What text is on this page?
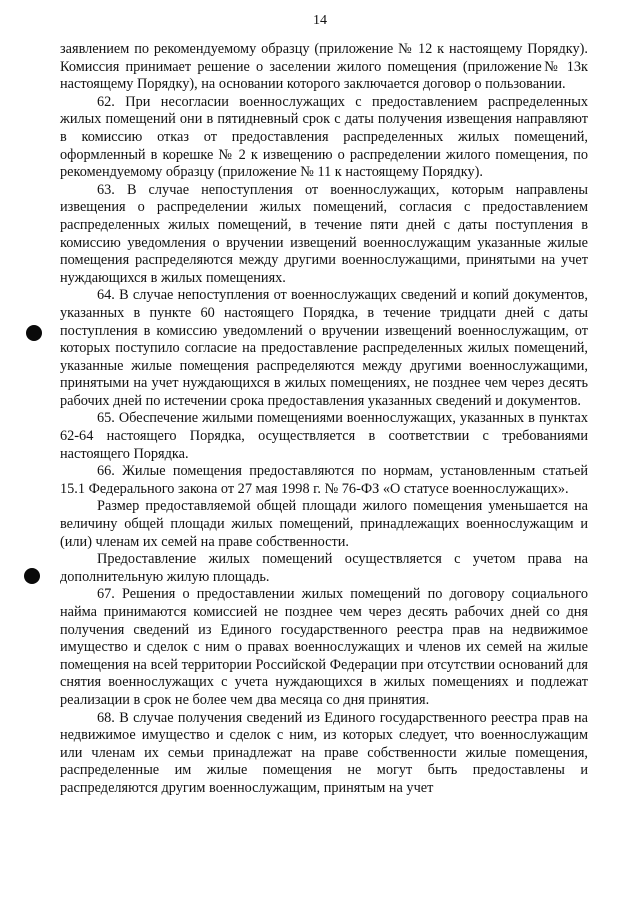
14

заявлением по рекомендуемому образцу (приложение № 12 к настоящему Порядку). Комиссия принимает решение о заселении жилого помещения (приложение№ 13к настоящему Порядку), на основании которого заключается договор о пользовании.

62. При несогласии военнослужащих с предоставлением распределенных жилых помещений они в пятидневный срок с даты получения извещения направляют в комиссию отказ от предоставления распределенных жилых помещений, оформленный в корешке № 2 к извещению о распределении жилого помещения, по рекомендуемому образцу (приложение № 11 к настоящему Порядку).

63. В случае непоступления от военнослужащих, которым направлены извещения о распределении жилых помещений, согласия с предоставлением распределенных жилых помещений, в течение пяти дней с даты поступления в комиссию уведомления о вручении извещений военнослужащим указанные жилые помещения распределяются между другими военнослужащими, принятыми на учет нуждающихся в жилых помещениях.

64. В случае непоступления от военнослужащих сведений и копий документов, указанных в пункте 60 настоящего Порядка, в течение тридцати дней с даты поступления в комиссию уведомлений о вручении извещений военнослужащим, от которых поступило согласие на предоставление распределенных жилых помещений, указанные жилые помещения распределяются между другими военнослужащими, принятыми на учет нуждающихся в жилых помещениях, не позднее чем через десять рабочих дней по истечении срока предоставления указанных сведений и документов.

65. Обеспечение жилыми помещениями военнослужащих, указанных в пунктах 62-64 настоящего Порядка, осуществляется в соответствии с требованиями настоящего Порядка.

66. Жилые помещения предоставляются по нормам, установленным статьей 15.1 Федерального закона от 27 мая 1998 г. № 76-ФЗ «О статусе военнослужащих».

Размер предоставляемой общей площади жилого помещения уменьшается на величину общей площади жилых помещений, принадлежащих военнослужащим и (или) членам их семей на праве собственности.

Предоставление жилых помещений осуществляется с учетом права на дополнительную жилую площадь.

67. Решения о предоставлении жилых помещений по договору социального найма принимаются комиссией не позднее чем через десять рабочих дней со дня получения сведений из Единого государственного реестра прав на недвижимое имущество и сделок с ним о правах военнослужащих и членов их семей на жилые помещения на всей территории Российской Федерации при отсутствии оснований для снятия военнослужащих с учета нуждающихся в жилых помещениях и подлежат реализации в срок не более чем два месяца со дня принятия.

68. В случае получения сведений из Единого государственного реестра прав на недвижимое имущество и сделок с ним, из которых следует, что военнослужащим или членам их семьи принадлежат на праве собственности жилые помещения, распределенные им жилые помещения не могут быть предоставлены и распределяются другим военнослужащим, принятым на учет
